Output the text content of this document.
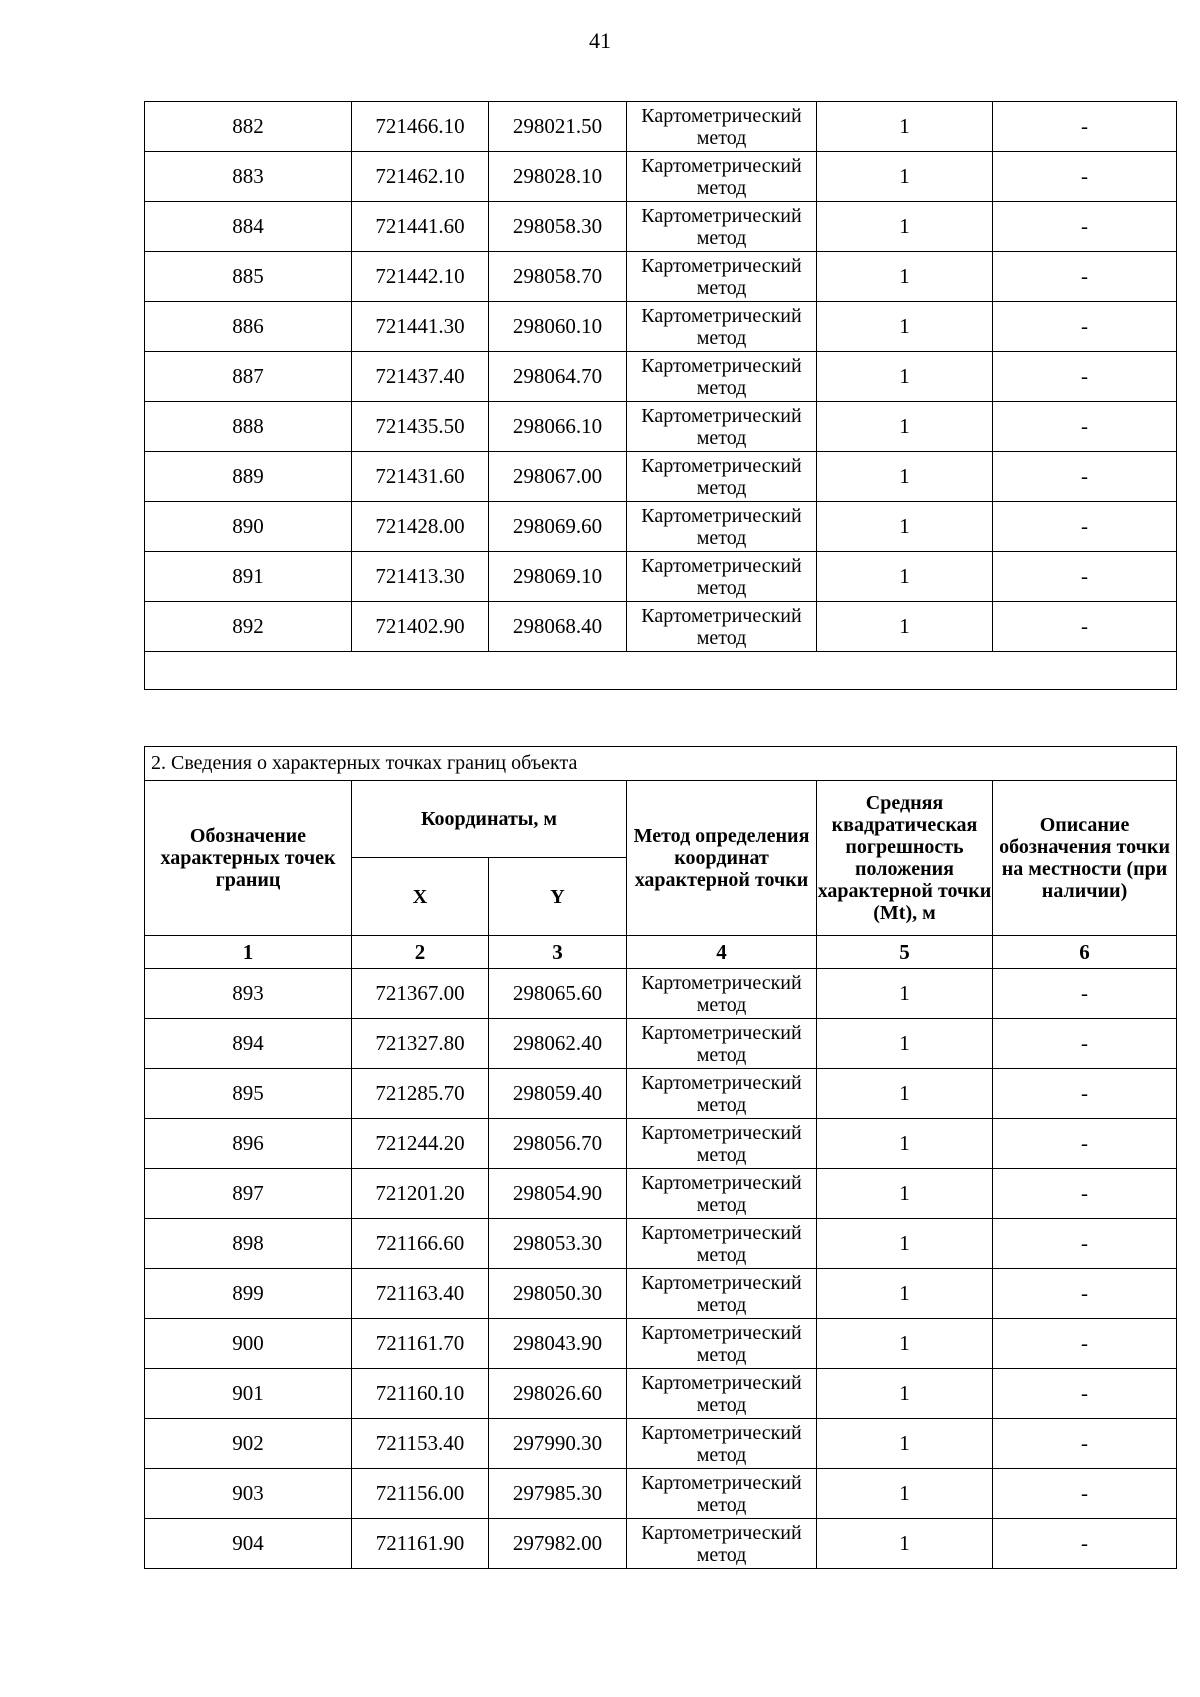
41
882	721466.10	298021.50	Картометрический метод	1	-
883	721462.10	298028.10	Картометрический метод	1	-
884	721441.60	298058.30	Картометрический метод	1	-
885	721442.10	298058.70	Картометрический метод	1	-
886	721441.30	298060.10	Картометрический метод	1	-
887	721437.40	298064.70	Картометрический метод	1	-
888	721435.50	298066.10	Картометрический метод	1	-
889	721431.60	298067.00	Картометрический метод	1	-
890	721428.00	298069.60	Картометрический метод	1	-
891	721413.30	298069.10	Картометрический метод	1	-
892	721402.90	298068.40	Картометрический метод	1	-

2. Сведения о характерных точках границ объекта					
Обозначение характерных точек границ	Координаты, м		Метод определения координат характерной точки	Средняя квадратическая погрешность положения характерной точки (Mt), м	Описание обозначения точки на местности (при наличии)
	X	Y			
1	2	3	4	5	6
893	721367.00	298065.60	Картометрический метод	1	-
894	721327.80	298062.40	Картометрический метод	1	-
895	721285.70	298059.40	Картометрический метод	1	-
896	721244.20	298056.70	Картометрический метод	1	-
897	721201.20	298054.90	Картометрический метод	1	-
898	721166.60	298053.30	Картометрический метод	1	-
899	721163.40	298050.30	Картометрический метод	1	-
900	721161.70	298043.90	Картометрический метод	1	-
901	721160.10	298026.60	Картометрический метод	1	-
902	721153.40	297990.30	Картометрический метод	1	-
903	721156.00	297985.30	Картометрический метод	1	-
904	721161.90	297982.00	Картометрический метод	1	-
